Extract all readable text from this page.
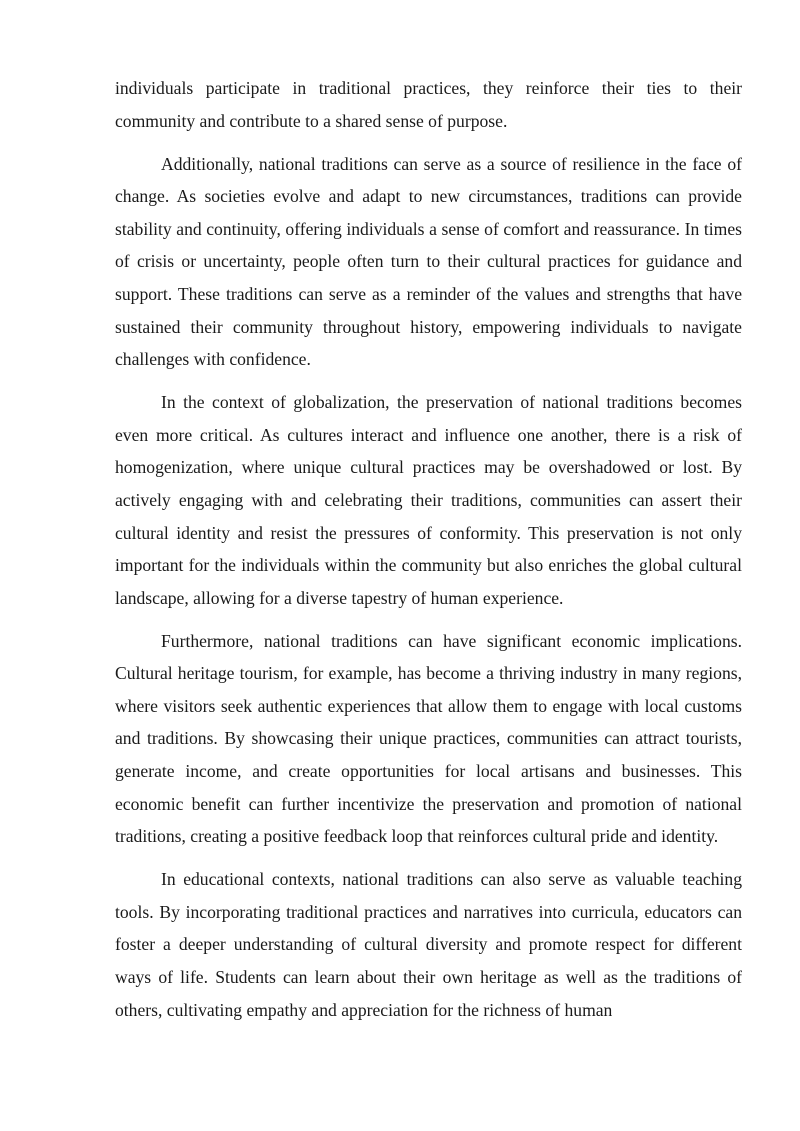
individuals participate in traditional practices, they reinforce their ties to their community and contribute to a shared sense of purpose.

Additionally, national traditions can serve as a source of resilience in the face of change. As societies evolve and adapt to new circumstances, traditions can provide stability and continuity, offering individuals a sense of comfort and reassurance. In times of crisis or uncertainty, people often turn to their cultural practices for guidance and support. These traditions can serve as a reminder of the values and strengths that have sustained their community throughout history, empowering individuals to navigate challenges with confidence.

In the context of globalization, the preservation of national traditions becomes even more critical. As cultures interact and influence one another, there is a risk of homogenization, where unique cultural practices may be overshadowed or lost. By actively engaging with and celebrating their traditions, communities can assert their cultural identity and resist the pressures of conformity. This preservation is not only important for the individuals within the community but also enriches the global cultural landscape, allowing for a diverse tapestry of human experience.

Furthermore, national traditions can have significant economic implications. Cultural heritage tourism, for example, has become a thriving industry in many regions, where visitors seek authentic experiences that allow them to engage with local customs and traditions. By showcasing their unique practices, communities can attract tourists, generate income, and create opportunities for local artisans and businesses. This economic benefit can further incentivize the preservation and promotion of national traditions, creating a positive feedback loop that reinforces cultural pride and identity.

In educational contexts, national traditions can also serve as valuable teaching tools. By incorporating traditional practices and narratives into curricula, educators can foster a deeper understanding of cultural diversity and promote respect for different ways of life. Students can learn about their own heritage as well as the traditions of others, cultivating empathy and appreciation for the richness of human
